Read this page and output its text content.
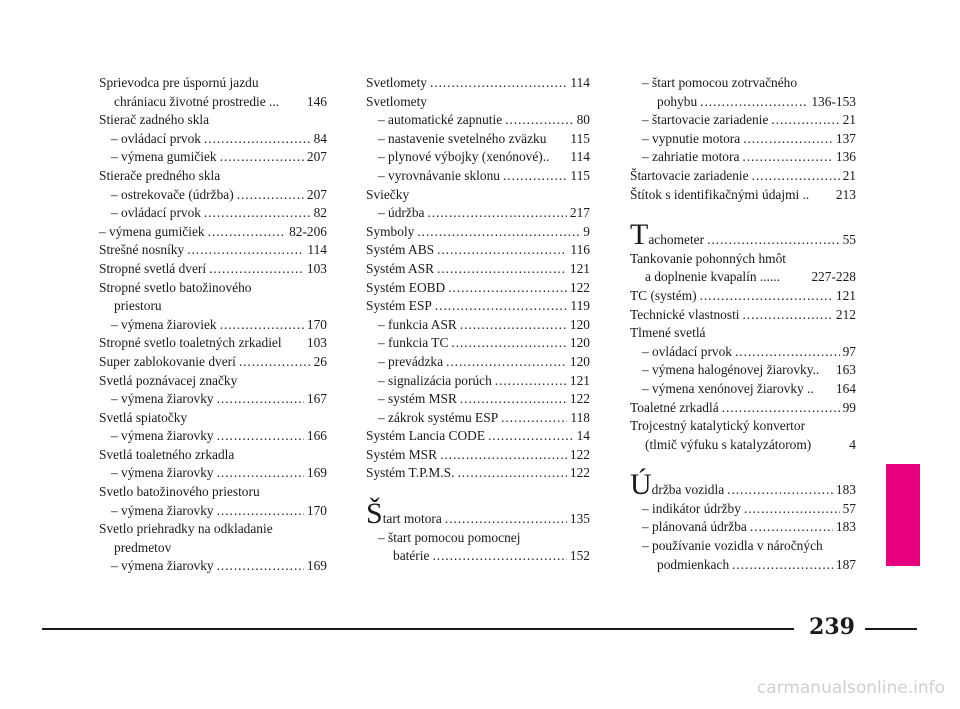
Sprievodca pre úspornú jazdu
chrániacu životné prostredie ... 146
Stierač zadného skla
– ovládací prvok . . .	84
– výmena gumičiek . . .	207
Stierače predného skla
– ostrekovače (údržba) . . .	207
– ovládací prvok . . .	82
– výmena gumičiek . . .	82-206
Strešné nosníky . . .	114
Stropné svetlá dverí . . .	103
Stropné svetlo batožinového
priestoru
– výmena žiaroviek . . .	170
Stropné svetlo toaletných zrkadiel 103
Super zablokovanie dverí . . .	26
Svetlá poznávacej značky
– výmena žiarovky . . .	167
Svetlá spiatočky
– výmena žiarovky . . .	166
Svetlá toaletného zrkadla
– výmena žiarovky . . .	169
Svetlo batožinového priestoru
– výmena žiarovky . . .	170
Svetlo priehradky na odkladanie
predmetov
– výmena žiarovky . . .	169
Svetlomety . . .	114
Svetlomety
– automatické zapnutie . . .	80
– nastavenie svetelného zväzku 115
– plynové výbojky (xenónové).. 114
– vyrovnávanie sklonu . . .	115
Sviečky
– údržba . . .	217
Symboly . . .	9
Systém ABS . . .	116
Systém ASR . . .	121
Systém EOBD . . .	122
Systém ESP . . .	119
– funkcia ASR . . .	120
– funkcia TC . . .	120
– prevádzka . . .	120
– signalizácia porúch . . .	121
– systém MSR . . .	122
– zákrok systému ESP . . .	118
Systém Lancia CODE . . .	14
Systém MSR . . .	122
Systém T.P.M.S. . . .	122
Š tart motora . . .	135
– štart pomocou pomocnej
batérie . . .	152
– štart pomocou zotrvačného
pohybu . . .	136-153
– štartovacie zariadenie . . .	21
– vypnutie motora . . .	137
– zahriatie motora . . .	136
Štartovacie zariadenie . . .	21
Štítok s identifikačnými údajmi .. 213
T achometer . . .	55
Tankovanie pohonných hmôt
a doplnenie kvapalín ...... 227-228
TC (systém) . . .	121
Technické vlastnosti . . .	212
Tlmené svetlá
– ovládací prvok . . .	97
– výmena halogénovej žiarovky.. 163
– výmena xenónovej žiarovky .. 164
Toaletné zrkadlá . . .	99
Trojcestný katalytický konvertor
(tlmič výfuku s katalyzátorom)	4
Ú držba vozidla . . .	183
– indikátor údržby . . .	57
– plánovaná údržba . . .	183
– používanie vozidla v náročných
podmienkach . . .	187
239
carmanualsonline.info
